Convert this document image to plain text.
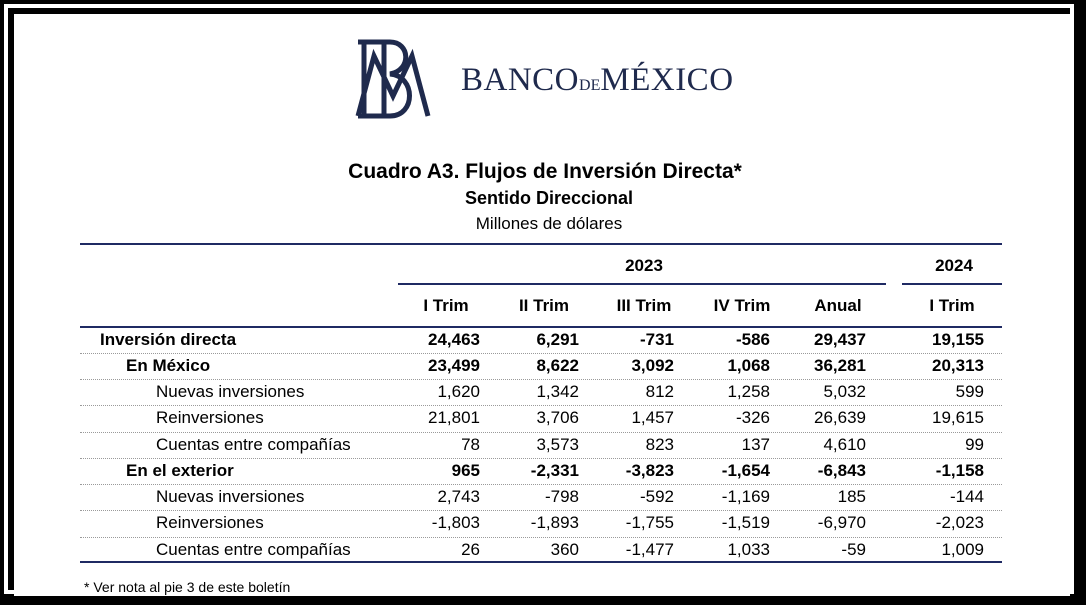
BANCODEMÉXICO
Cuadro A3. Flujos de Inversión Directa*
Sentido Direccional
Millones de dólares
2023	2024
I Trim	II Trim	III Trim	IV Trim	Anual	I Trim
Inversión directa	24,463	6,291	-731	-586	29,437	19,155
En México	23,499	8,622	3,092	1,068	36,281	20,313
Nuevas inversiones	1,620	1,342	812	1,258	5,032	599
Reinversiones	21,801	3,706	1,457	-326	26,639	19,615
Cuentas entre compañías	78	3,573	823	137	4,610	99
En el exterior	965	-2,331	-3,823	-1,654	-6,843	-1,158
Nuevas inversiones	2,743	-798	-592	-1,169	185	-144
Reinversiones	-1,803	-1,893	-1,755	-1,519	-6,970	-2,023
Cuentas entre compañías	26	360	-1,477	1,033	-59	1,009
* Ver nota al pie 3 de este boletín
